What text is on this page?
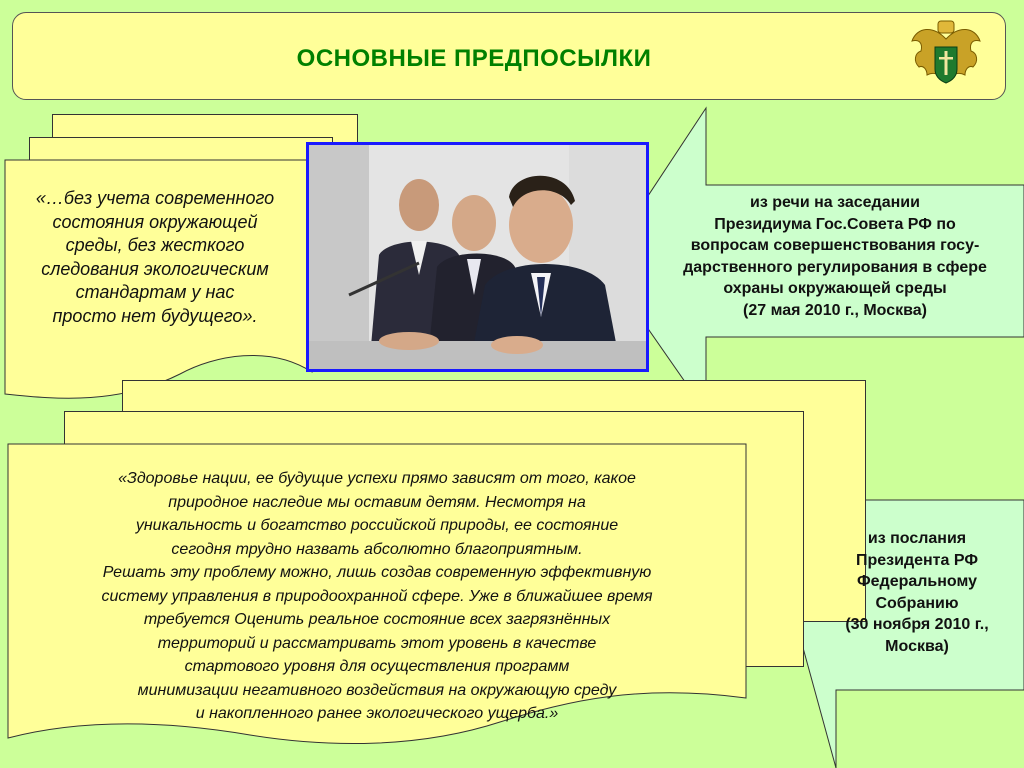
ОСНОВНЫЕ ПРЕДПОСЫЛКИ
«…без учета современного
состояния окружающей
среды, без жесткого
следования экологическим
стандартам у нас
просто нет будущего».
из речи на заседании
Президиума Гос.Совета РФ по
вопросам совершенствования госу-
дарственного регулирования в сфере
охраны окружающей среды
(27 мая 2010 г., Москва)
«Здоровье нации, ее будущие успехи прямо зависят от того, какое
природное наследие мы оставим детям. Несмотря на
уникальность и богатство российской природы, ее состояние
сегодня трудно назвать абсолютно благоприятным.
Решать эту проблему можно, лишь создав современную эффективную
систему управления в природоохранной сфере. Уже в ближайшее время
требуется Оценить реальное состояние всех загрязнённых
территорий и рассматривать этот уровень в качестве
стартового уровня для осуществления программ
минимизации негативного воздействия на окружающую среду
и накопленного ранее экологического ущерба.»
из послания
Президента РФ
Федеральному
Собранию
(30 ноября 2010 г.,
Москва)
